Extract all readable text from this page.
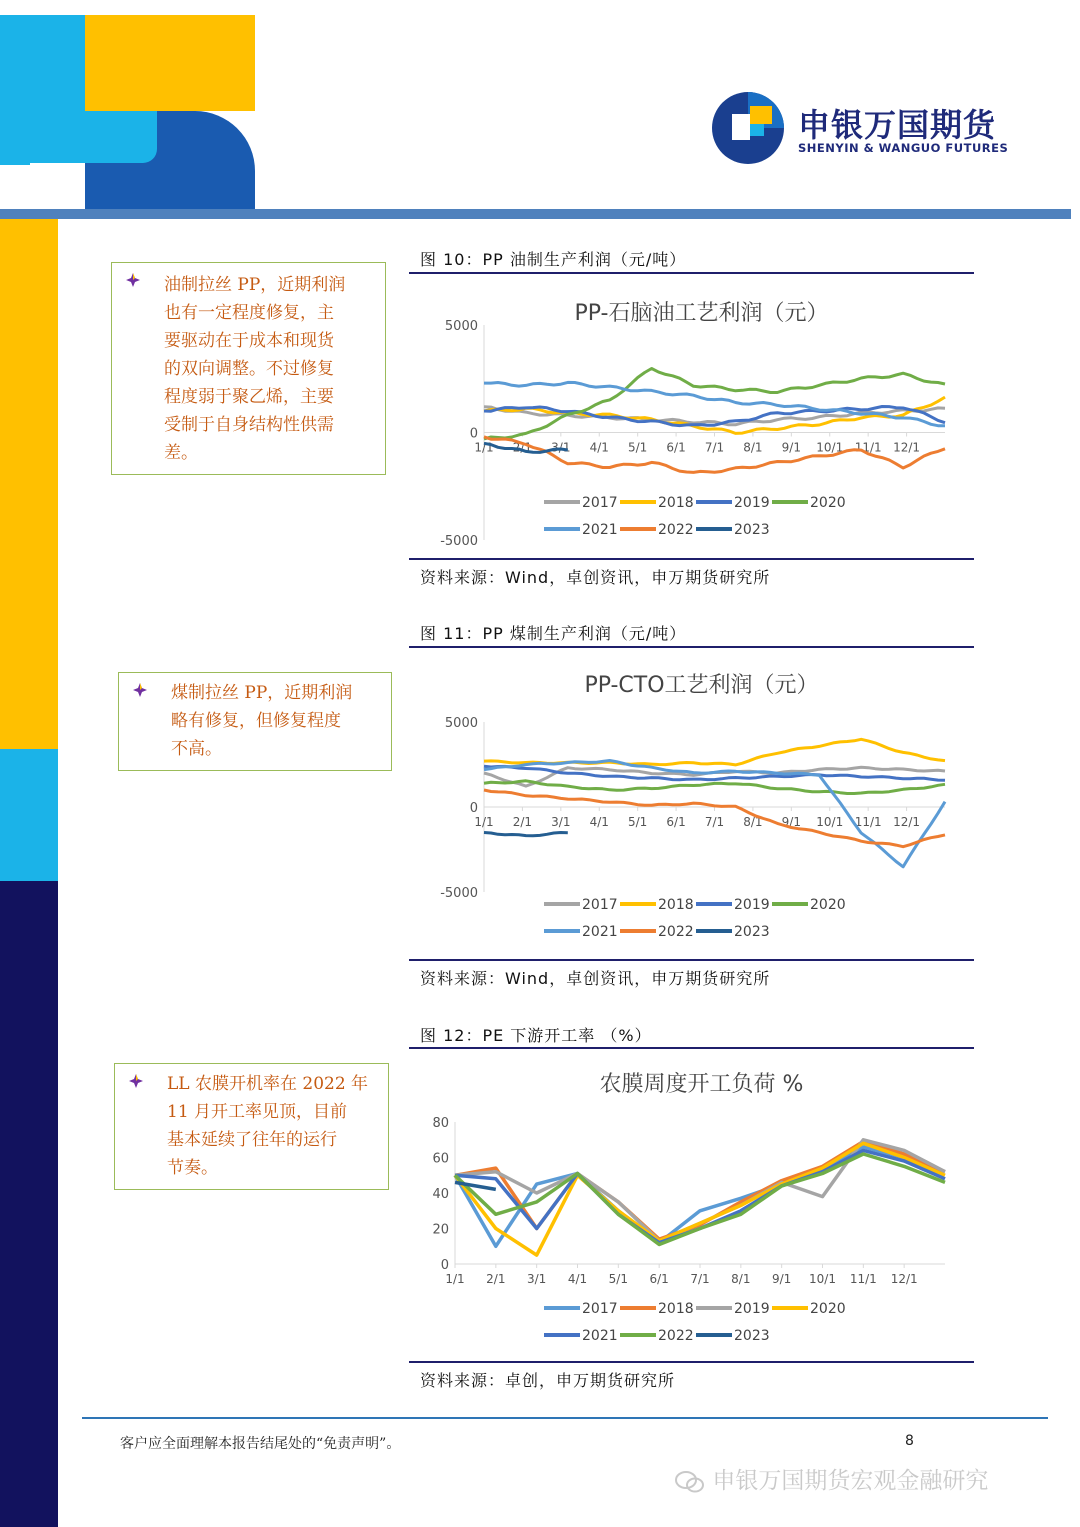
申银万国期货
SHENYIN & WANGUO FUTURES
油制拉丝 PP，近期利润
也有一定程度修复，主
要驱动在于成本和现货
的双向调整。不过修复
程度弱于聚乙烯，主要
受制于自身结构性供需
差。
煤制拉丝 PP，近期利润
略有修复，但修复程度
不高。
LL 农膜开机率在 2022 年
11 月开工率见顶，目前
基本延续了往年的运行
节奏。
图 10：PP 油制生产利润（元/吨）
PP-石脑油工艺利润（元）
5000
0
-5000
1/1 2/1 3/1 4/1 5/1 6/1 7/1 8/1 9/1 10/1 11/1 12/1
2017	2018	2019	2020
2021	2022	2023
资料来源：Wind，卓创资讯，申万期货研究所
图 11：PP 煤制生产利润（元/吨）
PP-CTO工艺利润（元）
5000
0
-5000
1/1 2/1 3/1 4/1 5/1 6/1 7/1 8/1 9/1 10/1 11/1 12/1
2017	2018	2019	2020
2021	2022	2023
资料来源：Wind，卓创资讯，申万期货研究所
图 12：PE 下游开工率 （%）
农膜周度开工负荷 %
80
60
40
20
0
1/1 2/1 3/1 4/1 5/1 6/1 7/1 8/1 9/1 10/1 11/1 12/1
2017	2018	2019	2020
2021	2022	2023
资料来源：卓创，申万期货研究所
客户应全面理解本报告结尾处的“免责声明”。	8
申银万国期货宏观金融研究
